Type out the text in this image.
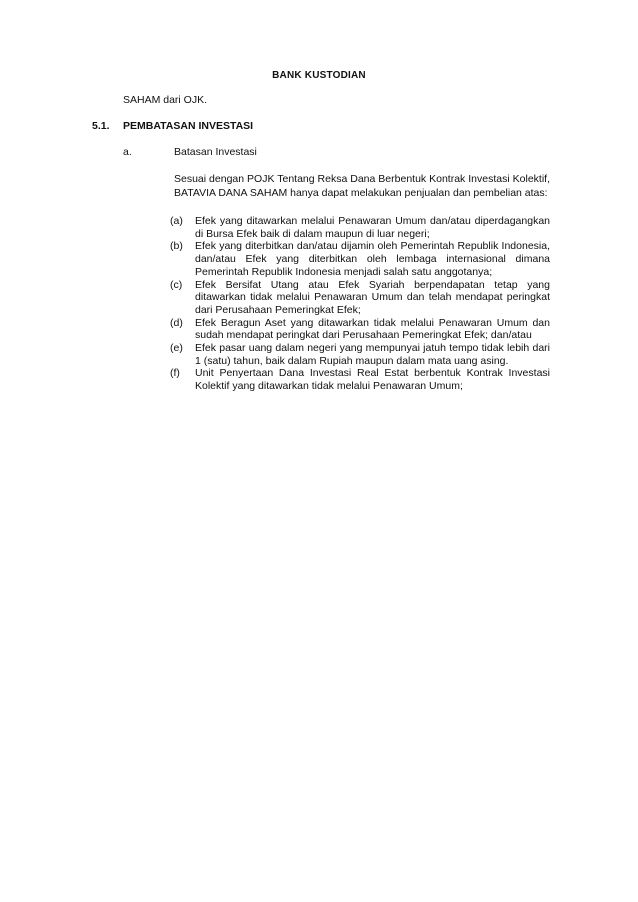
BANK KUSTODIAN
SAHAM dari OJK.
5.1. PEMBATASAN INVESTASI
a.	Batasan Investasi
Sesuai dengan POJK Tentang Reksa Dana Berbentuk Kontrak Investasi Kolektif, BATAVIA DANA SAHAM hanya dapat melakukan penjualan dan pembelian atas:
(a)	Efek yang ditawarkan melalui Penawaran Umum dan/atau diperdagangkan di Bursa Efek baik di dalam maupun di luar negeri;
(b)	Efek yang diterbitkan dan/atau dijamin oleh Pemerintah Republik Indonesia, dan/atau Efek yang diterbitkan oleh lembaga internasional dimana Pemerintah Republik Indonesia menjadi salah satu anggotanya;
(c)	Efek Bersifat Utang atau Efek Syariah berpendapatan tetap yang ditawarkan tidak melalui Penawaran Umum dan telah mendapat peringkat dari Perusahaan Pemeringkat Efek;
(d)	Efek Beragun Aset yang ditawarkan tidak melalui Penawaran Umum dan sudah mendapat peringkat dari Perusahaan Pemeringkat Efek; dan/atau
(e)	Efek pasar uang dalam negeri yang mempunyai jatuh tempo tidak lebih dari 1 (satu) tahun, baik dalam Rupiah maupun dalam mata uang asing.
(f)	Unit Penyertaan Dana Investasi Real Estat berbentuk Kontrak Investasi Kolektif yang ditawarkan tidak melalui Penawaran Umum;
